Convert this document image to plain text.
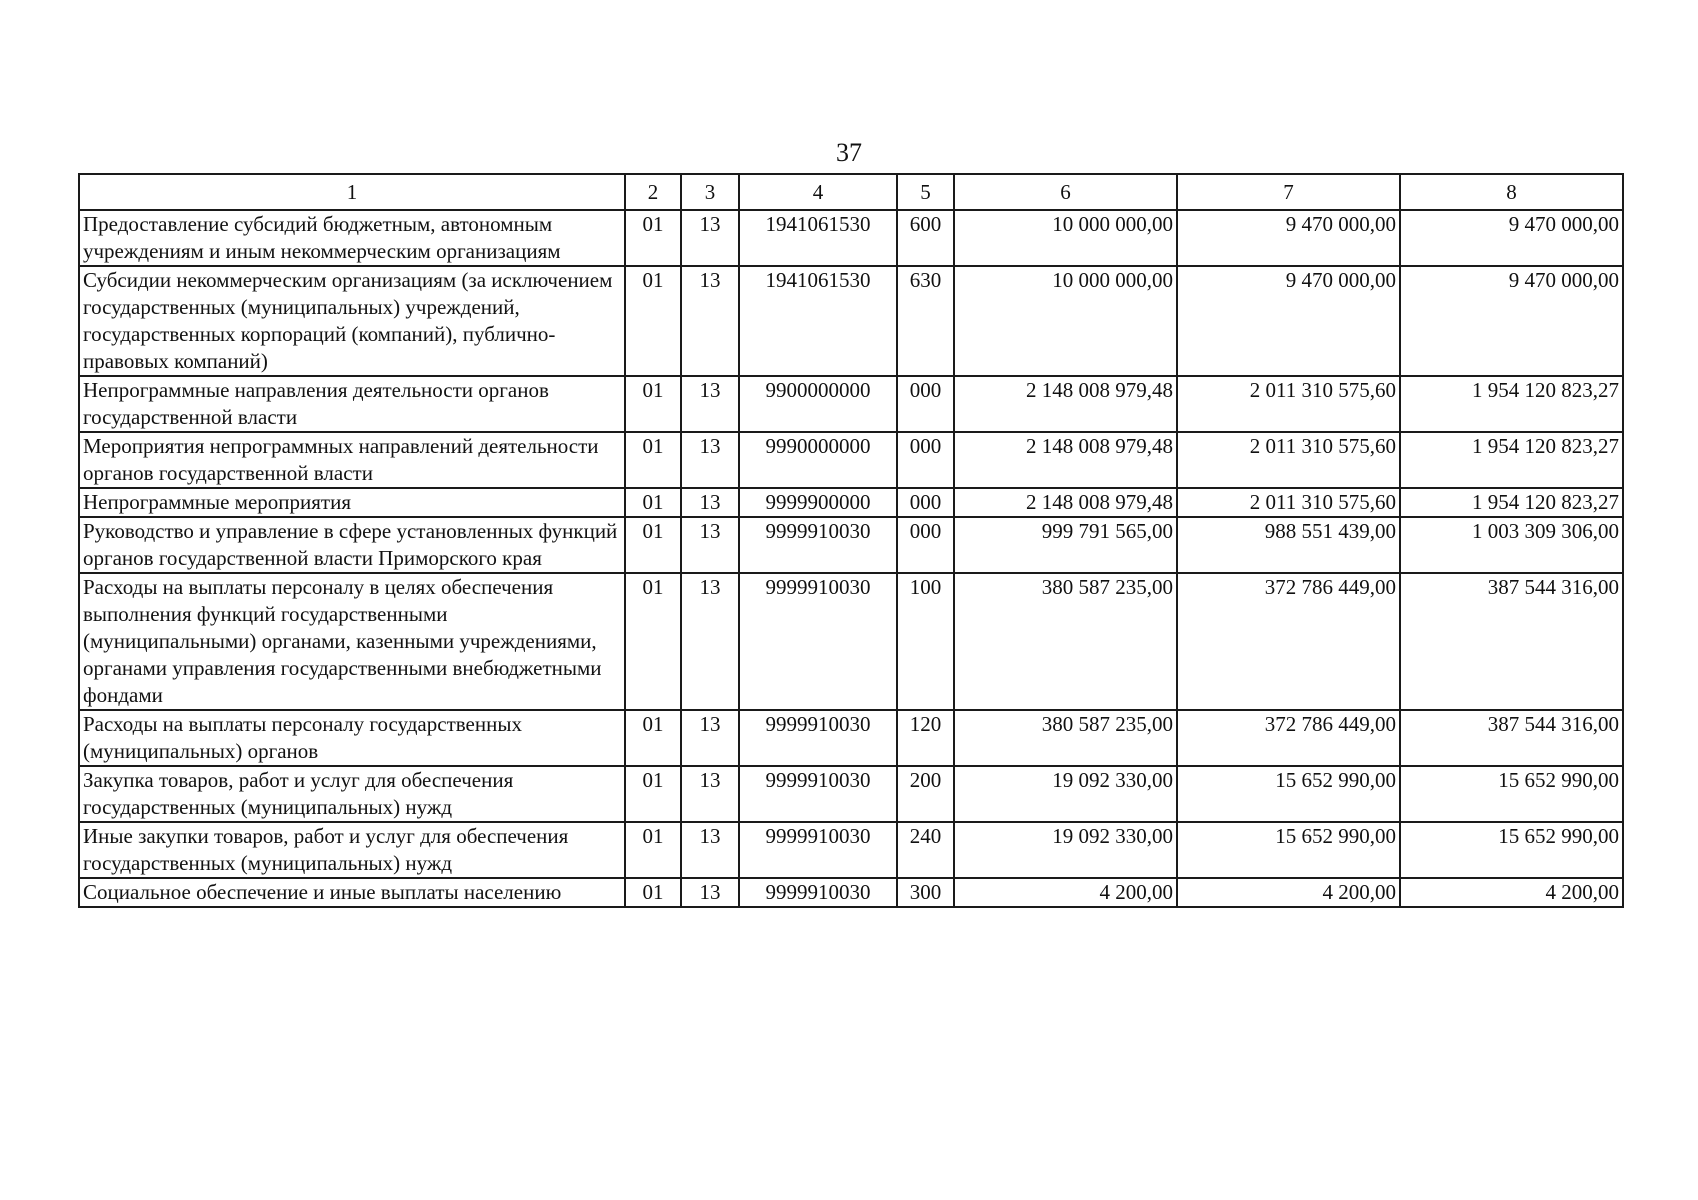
37
1	2	3	4	5	6	7	8
Предоставление субсидий бюджетным, автономным учреждениям и иным некоммерческим организациям	01	13	1941061530	600	10 000 000,00	9 470 000,00	9 470 000,00
Субсидии некоммерческим организациям (за исключением государственных (муниципальных) учреждений, государственных корпораций (компаний), публично-правовых компаний)	01	13	1941061530	630	10 000 000,00	9 470 000,00	9 470 000,00
Непрограммные направления деятельности органов государственной власти	01	13	9900000000	000	2 148 008 979,48	2 011 310 575,60	1 954 120 823,27
Мероприятия непрограммных направлений деятельности органов государственной власти	01	13	9990000000	000	2 148 008 979,48	2 011 310 575,60	1 954 120 823,27
Непрограммные мероприятия	01	13	9999900000	000	2 148 008 979,48	2 011 310 575,60	1 954 120 823,27
Руководство и управление в сфере установленных функций органов государственной власти Приморского края	01	13	9999910030	000	999 791 565,00	988 551 439,00	1 003 309 306,00
Расходы на выплаты персоналу в целях обеспечения выполнения функций государственными (муниципальными) органами, казенными учреждениями, органами управления государственными внебюджетными фондами	01	13	9999910030	100	380 587 235,00	372 786 449,00	387 544 316,00
Расходы на выплаты персоналу государственных (муниципальных) органов	01	13	9999910030	120	380 587 235,00	372 786 449,00	387 544 316,00
Закупка товаров, работ и услуг для обеспечения государственных (муниципальных) нужд	01	13	9999910030	200	19 092 330,00	15 652 990,00	15 652 990,00
Иные закупки товаров, работ и услуг для обеспечения государственных (муниципальных) нужд	01	13	9999910030	240	19 092 330,00	15 652 990,00	15 652 990,00
Социальное обеспечение и иные выплаты населению	01	13	9999910030	300	4 200,00	4 200,00	4 200,00
